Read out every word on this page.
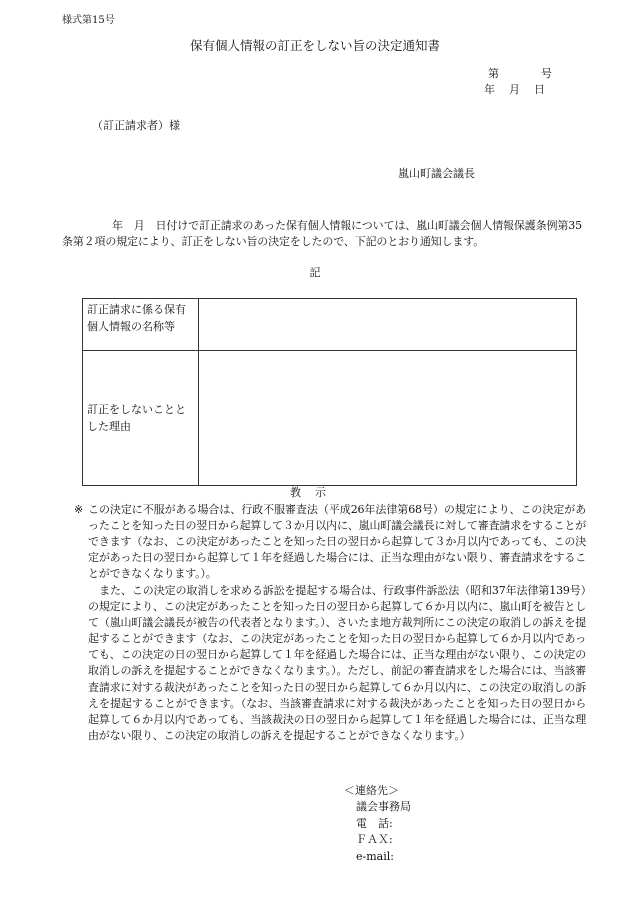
様式第15号
保有個人情報の訂正をしない旨の決定通知書
第	号
年 月 日
（訂正請求者）様
嵐山町議会議長
年　月　日付けで訂正請求のあった保有個人情報については、嵐山町議会個人情報保護条例第35条第２項の規定により、訂正をしない旨の決定をしたので、下記のとおり通知します。
記
訂正請求に係る保有個人情報の名称等	
訂正をしないこととした理由	
教示
※ この決定に不服がある場合は、行政不服審査法（平成26年法律第68号）の規定により、この決定があったことを知った日の翌日から起算して３か月以内に、嵐山町議会議長に対して審査請求をすることができます（なお、この決定があったことを知った日の翌日から起算して３か月以内であっても、この決定があった日の翌日から起算して１年を経過した場合には、正当な理由がない限り、審査請求をすることができなくなります。）。
また、この決定の取消しを求める訴訟を提起する場合は、行政事件訴訟法（昭和37年法律第139号）の規定により、この決定があったことを知った日の翌日から起算して６か月以内に、嵐山町を被告として（嵐山町議会議長が被告の代表者となります。）、さいたま地方裁判所にこの決定の取消しの訴えを提起することができます（なお、この決定があったことを知った日の翌日から起算して６か月以内であっても、この決定の日の翌日から起算して１年を経過した場合には、正当な理由がない限り、この決定の取消しの訴えを提起することができなくなります。）。ただし、前記の審査請求をした場合には、当該審査請求に対する裁決があったことを知った日の翌日から起算して６か月以内に、この決定の取消しの訴えを提起することができます。（なお、当該審査請求に対する裁決があったことを知った日の翌日から起算して６か月以内であっても、当該裁決の日の翌日から起算して１年を経過した場合には、正当な理由がない限り、この決定の取消しの訴えを提起することができなくなります。）
＜連絡先＞
議会事務局
電　話:
ＦＡＸ:
e-mail:
